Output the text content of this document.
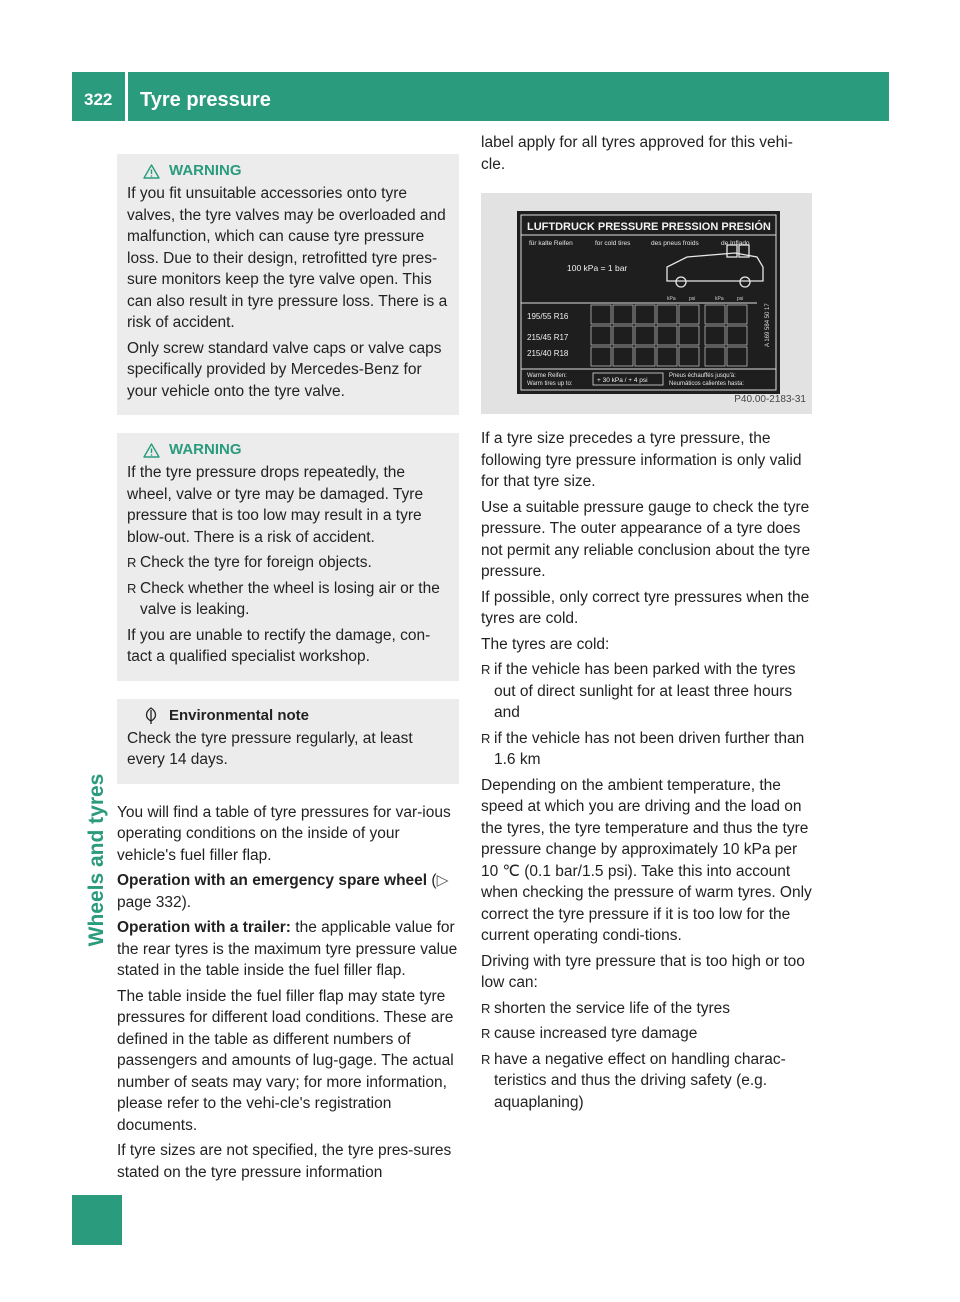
322 Tyre pressure
Wheels and tyres
WARNING

If you fit unsuitable accessories onto tyre valves, the tyre valves may be overloaded and malfunction, which can cause tyre pressure loss. Due to their design, retrofitted tyre pres-sure monitors keep the tyre valve open. This can also result in tyre pressure loss. There is a risk of accident.

Only screw standard valve caps or valve caps specifically provided by Mercedes-Benz for your vehicle onto the tyre valve.

WARNING

If the tyre pressure drops repeatedly, the wheel, valve or tyre may be damaged. Tyre pressure that is too low may result in a tyre blow-out. There is a risk of accident.

R Check the tyre for foreign objects.
R Check whether the wheel is losing air or the valve is leaking.

If you are unable to rectify the damage, con-tact a qualified specialist workshop.

Environmental note

Check the tyre pressure regularly, at least every 14 days.

You will find a table of tyre pressures for var-ious operating conditions on the inside of your vehicle's fuel filler flap.

Operation with an emergency spare wheel (▷ page 332).

Operation with a trailer: the applicable value for the rear tyres is the maximum tyre pressure value stated in the table inside the fuel filler flap.

The table inside the fuel filler flap may state tyre pressures for different load conditions. These are defined in the table as different numbers of passengers and amounts of lug-gage. The actual number of seats may vary; for more information, please refer to the vehi-cle's registration documents.

If tyre sizes are not specified, the tyre pres-sures stated on the tyre pressure information

label apply for all tyres approved for this vehi-cle.

LUFTDRUCK PRESSURE PRESSION PRESIÓN
für kalte Reifen	for cold tires	des pneus froids	de Inflado
100 kPa = 1 bar
kPa	psi	kPa	psi
195/55 R16
215/45 R17
215/40 R18
A 169 584 50 17
Warme Reifen:
Warm tires up to:	+ 30 kPa / + 4 psi
Pneus échauffés jusqu'à:
Neumáticos calientes hasta:
P40.00-2183-31

If a tyre size precedes a tyre pressure, the following tyre pressure information is only valid for that tyre size.

Use a suitable pressure gauge to check the tyre pressure. The outer appearance of a tyre does not permit any reliable conclusion about the tyre pressure.

If possible, only correct tyre pressures when the tyres are cold.

The tyres are cold:

R if the vehicle has been parked with the tyres out of direct sunlight for at least three hours and
R if the vehicle has not been driven further than 1.6 km

Depending on the ambient temperature, the speed at which you are driving and the load on the tyres, the tyre temperature and thus the tyre pressure change by approximately 10 kPa per 10 ℃ (0.1 bar/1.5 psi). Take this into account when checking the pressure of warm tyres. Only correct the tyre pressure if it is too low for the current operating condi-tions.

Driving with tyre pressure that is too high or too low can:

R shorten the service life of the tyres
R cause increased tyre damage
R have a negative effect on handling charac-teristics and thus the driving safety (e.g. aquaplaning)
